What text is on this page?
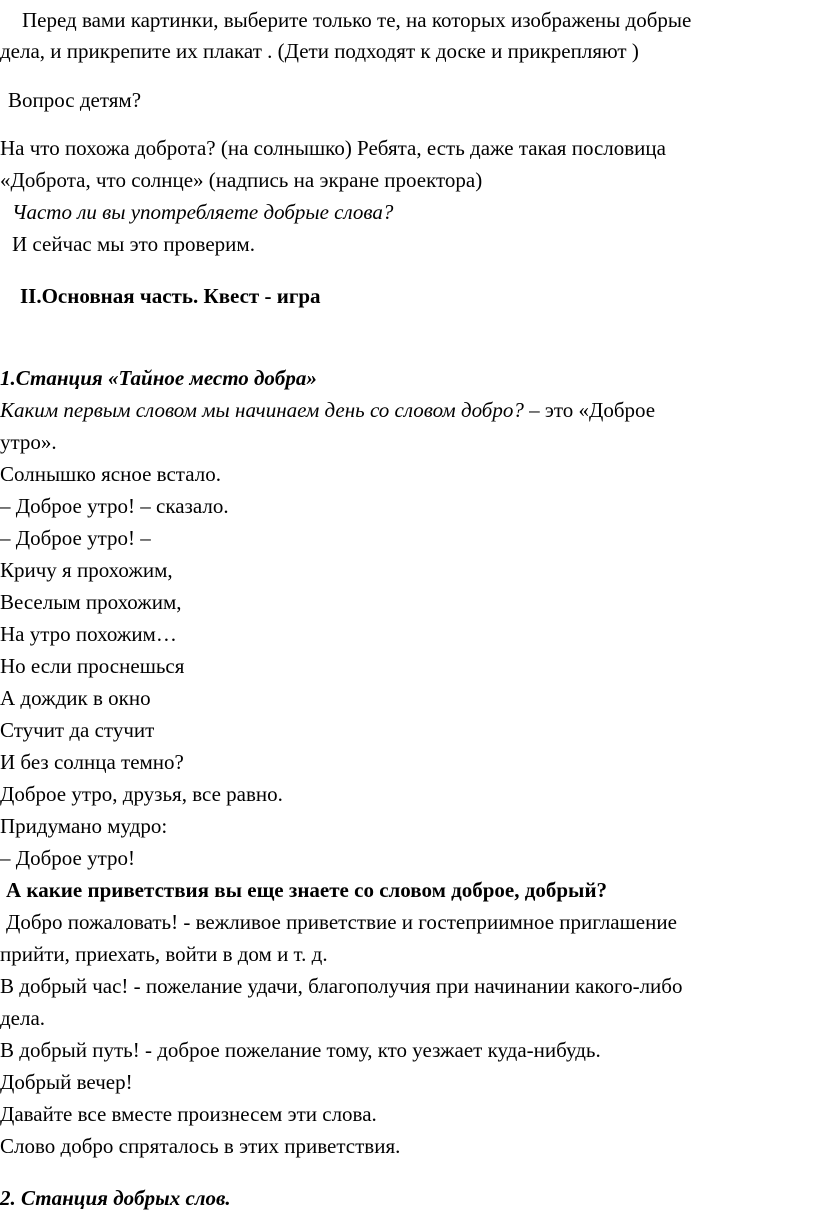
Перед вами картинки, выберите только те, на которых изображены добрые
дела, и прикрепите их плакат . (Дети подходят к доске и прикрепляют )
Вопрос детям?
На что похожа доброта? (на солнышко) Ребята, есть даже такая пословица
«Доброта, что солнце» (надпись на экране проектора)
Часто ли вы употребляете добрые слова?
И сейчас мы это проверим.
II.Основная часть. Квест - игра
1.Станция «Тайное место добра»
Каким первым словом мы начинаем день со словом добро? – это «Доброе
утро».
Солнышко ясное встало.
– Доброе утро! – сказало.
– Доброе утро! –
Кричу я прохожим,
Веселым прохожим,
На утро похожим…
Но если проснешься
А дождик в окно
Стучит да стучит
И без солнца темно?
Доброе утро, друзья, все равно.
Придумано мудро:
– Доброе утро!
А какие приветствия вы еще знаете со словом доброе, добрый?
Добро пожаловать! - вежливое приветствие и гостеприимное приглашение
прийти, приехать, войти в дом и т. д.
В добрый час! - пожелание удачи, благополучия при начинании какого-либо
дела.
В добрый путь! - доброе пожелание тому, кто уезжает куда-нибудь.
Добрый вечер!
Давайте все вместе произнесем эти слова.
Слово добро спряталось в этих приветствия.
2. Станция добрых слов.
